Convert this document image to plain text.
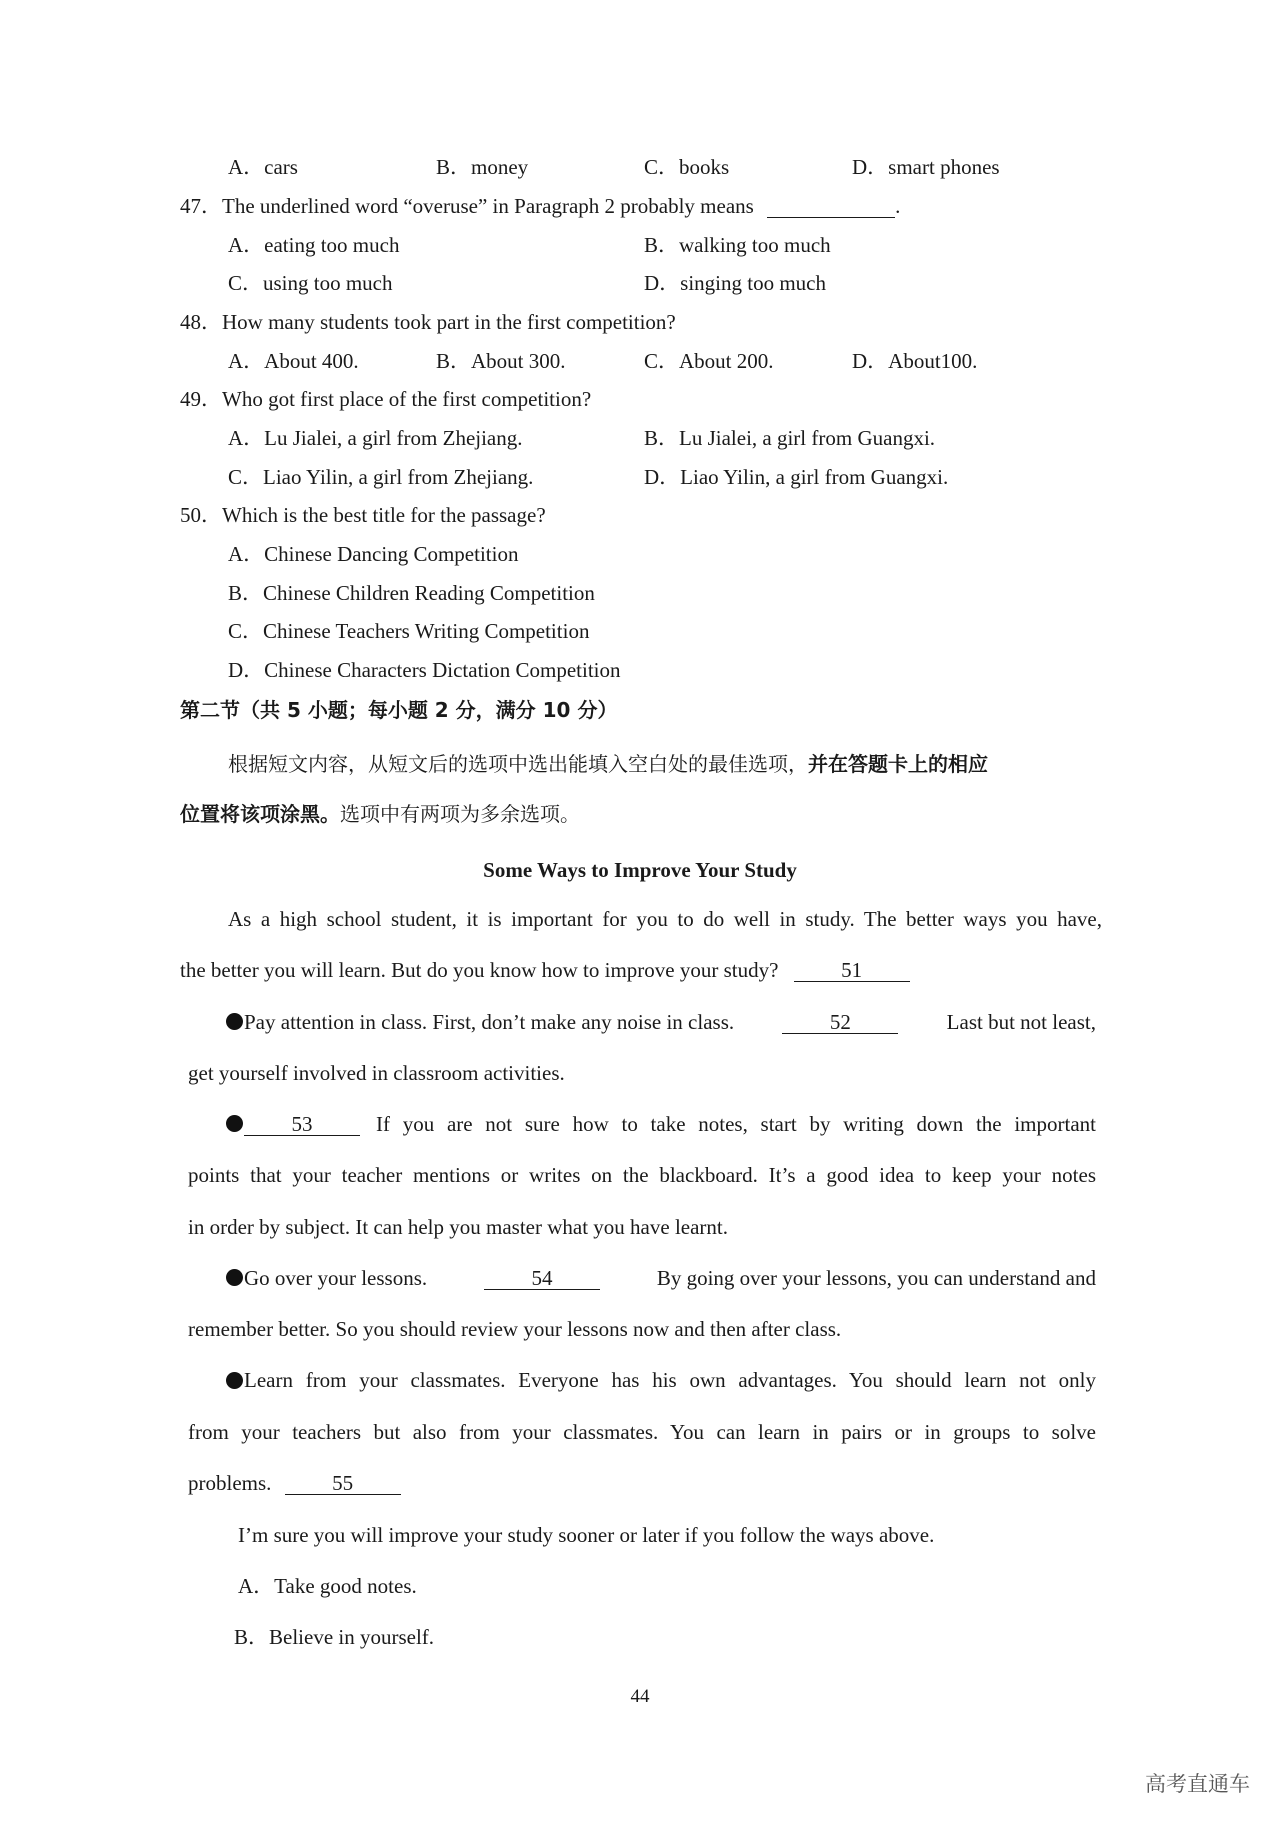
A．cars	B．money	C．books	D．smart phones
47．The underlined word “overuse” in Paragraph 2 probably means	.
A．eating too much	B．walking too much
C．using too much	D．singing too much
48．How many students took part in the first competition?
A．About 400.	B．About 300.	C．About 200.	D．About100.
49．Who got first place of the first competition?
A．Lu Jialei, a girl from Zhejiang.	B．Lu Jialei, a girl from Guangxi.
C．Liao Yilin, a girl from Zhejiang.	D．Liao Yilin, a girl from Guangxi.
50．Which is the best title for the passage?
A．Chinese Dancing Competition
B．Chinese Children Reading Competition
C．Chinese Teachers Writing Competition
D．Chinese Characters Dictation Competition
第二节（共 5 小题；每小题 2 分，满分 10 分）
根据短文内容，从短文后的选项中选出能填入空白处的最佳选项，并在答题卡上的相应
位置将该项涂黑。选项中有两项为多余选项。
Some Ways to Improve Your Study
As a high school student, it is important for you to do well in study. The better ways you have,
the better you will learn. But do you know how to improve your study?	51
Pay attention in class. First, don’t make any noise in class.	52	Last but not least,
get yourself involved in classroom activities.
53	If you are not sure how to take notes, start by writing down the important
points that your teacher mentions or writes on the blackboard. It’s a good idea to keep your notes
in order by subject. It can help you master what you have learnt.
Go over your lessons.	54	By going over your lessons, you can understand and
remember better. So you should review your lessons now and then after class.
Learn from your classmates. Everyone has his own advantages. You should learn not only
from your teachers but also from your classmates. You can learn in pairs or in groups to solve
problems.	55
I’m sure you will improve your study sooner or later if you follow the ways above.
A．Take good notes.
B．Believe in yourself.
44
高考直通车
